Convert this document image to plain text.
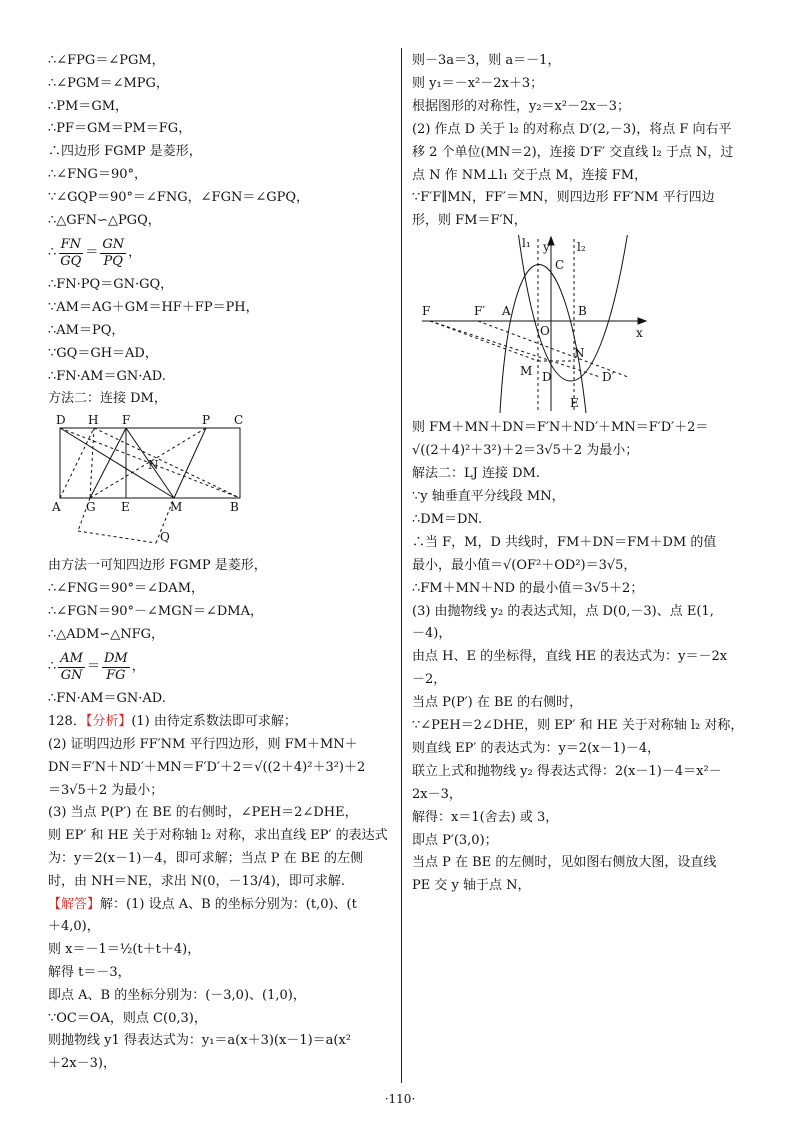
∴∠FPG＝∠PGM，
∴∠PGM＝∠MPG，
∴PM＝GM，
∴PF＝GM＝PM＝FG，
∴四边形 FGMP 是菱形，
∴∠FNG＝90°，
∵∠GQP＝90°＝∠FNG，∠FGN＝∠GPQ，
∴△GFN∽△PGQ，
∴ $\frac{FN}{GQ} = \frac{GN}{PQ}$ ，
∴FN·PQ＝GN·GQ，
∵AM＝AG＋GM＝HF＋FP＝PH，
∴AM＝PQ，
∵GQ＝GH＝AD，
∴FN·AM＝GN·AD.
方法二：连接 DM，
D H F	P C
N
A G E	M	B
Q
由方法一可知四边形 FGMP 是菱形，
∴∠FNG＝90°＝∠DAM，
∴∠FGN＝90°－∠MGN＝∠DMA，
∴△ADM∽△NFG，
∴ $\frac{AM}{GN} = \frac{DM}{FG}$ ，
∴FN·AM＝GN·AD.
128．【分析】(1) 由待定系数法即可求解；
(2) 证明四边形 FF′NM 平行四边形，则 FM＋MN＋
DN＝F′N＋ND′＋MN＝F′D′＋2＝√((2＋4)²＋3²)＋2
＝3√5＋2 为最小；
(3) 当点 P(P′) 在 BE 的右侧时，∠PEH＝2∠DHE，
则 EP′ 和 HE 关于对称轴 l₂ 对称，求出直线 EP′ 的表达式
为：y＝2(x－1)－4，即可求解；当点 P 在 BE 的左侧
时，由 NH＝NE，求出 N(0，－13/4)，即可求解.
【解答】解：(1) 设点 A、B 的坐标分别为：(t,0)、(t
＋4,0)，
则 x＝－1＝½(t＋t＋4)，
解得 t＝－3，
即点 A、B 的坐标分别为：(－3,0)、(1,0)，
∵OC＝OA，则点 C(0,3)，
则抛物线 y1 得表达式为：y₁＝a(x＋3)(x－1)＝a(x²
＋2x－3)，
则－3a＝3，则 a＝－1，
则 y₁＝－x²－2x＋3；
根据图形的对称性，y₂＝x²－2x－3；
(2) 作点 D 关于 l₂ 的对称点 D′(2,－3)，将点 F 向右平
移 2 个单位(MN＝2)，连接 D′F′ 交直线 l₂ 于点 N，过
点 N 作 NM⊥l₁ 交于点 M，连接 FM，
∵F′F∥MN，FF′＝MN，则四边形 FF′NM 平行四边
形，则 FM＝F′N，
l₁	l₂
y
x
C
F	F′ A
O
B
N
M D	D′
E
则 FM＋MN＋DN＝F′N＋ND′＋MN＝F′D′＋2＝
√((2＋4)²＋3²)＋2＝3√5＋2 为最小；
解法二：LJ 连接 DM.
∵y 轴垂直平分线段 MN，
∴DM＝DN.
∴当 F，M，D 共线时，FM＋DN＝FM＋DM 的值
最小，最小值＝√(OF²＋OD²)＝3√5，
∴FM＋MN＋ND 的最小值＝3√5＋2；
(3) 由抛物线 y₂ 的表达式知，点 D(0,－3)、点 E(1,
－4)，
由点 H、E 的坐标得，直线 HE 的表达式为：y＝－2x
－2，
当点 P(P′) 在 BE 的右侧时，
∵∠PEH＝2∠DHE，则 EP′ 和 HE 关于对称轴 l₂ 对称，
则直线 EP′ 的表达式为：y＝2(x－1)－4，
联立上式和抛物线 y₂ 得表达式得：2(x－1)－4＝x²－
2x－3，
解得：x＝1(舍去) 或 3，
即点 P′(3,0)；
当点 P 在 BE 的左侧时，见如图右侧放大图，设直线
PE 交 y 轴于点 N，
·110·
